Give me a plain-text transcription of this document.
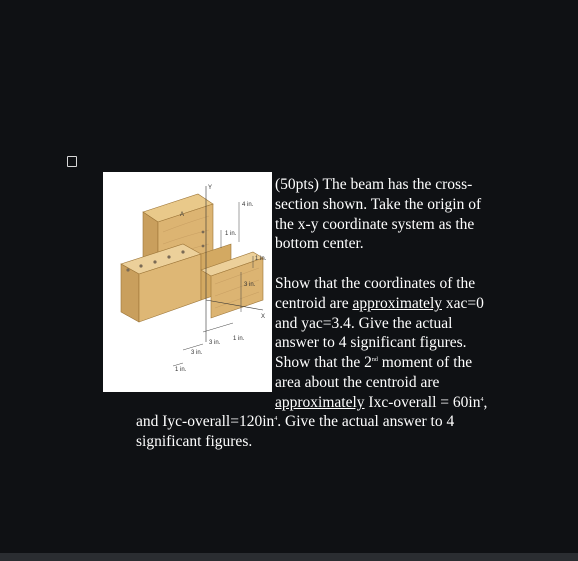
Y
X
A
4 in.
1 in.
1 in.
3 in.
3 in.
1 in.
3 in.
1 in.

(50pts) The beam has the cross-
section shown. Take the origin of
the x-y coordinate system as the
bottom center.

Show that the coordinates of the
centroid are approximately xac=0
and yac=3.4. Give the actual
answer to 4 significant figures.
Show that the 2nd moment of the
area about the centroid are
approximately Ixc-overall = $60in^4$,

and Iyc-$overall=120in^4$. Give the actual answer to 4
significant figures.
